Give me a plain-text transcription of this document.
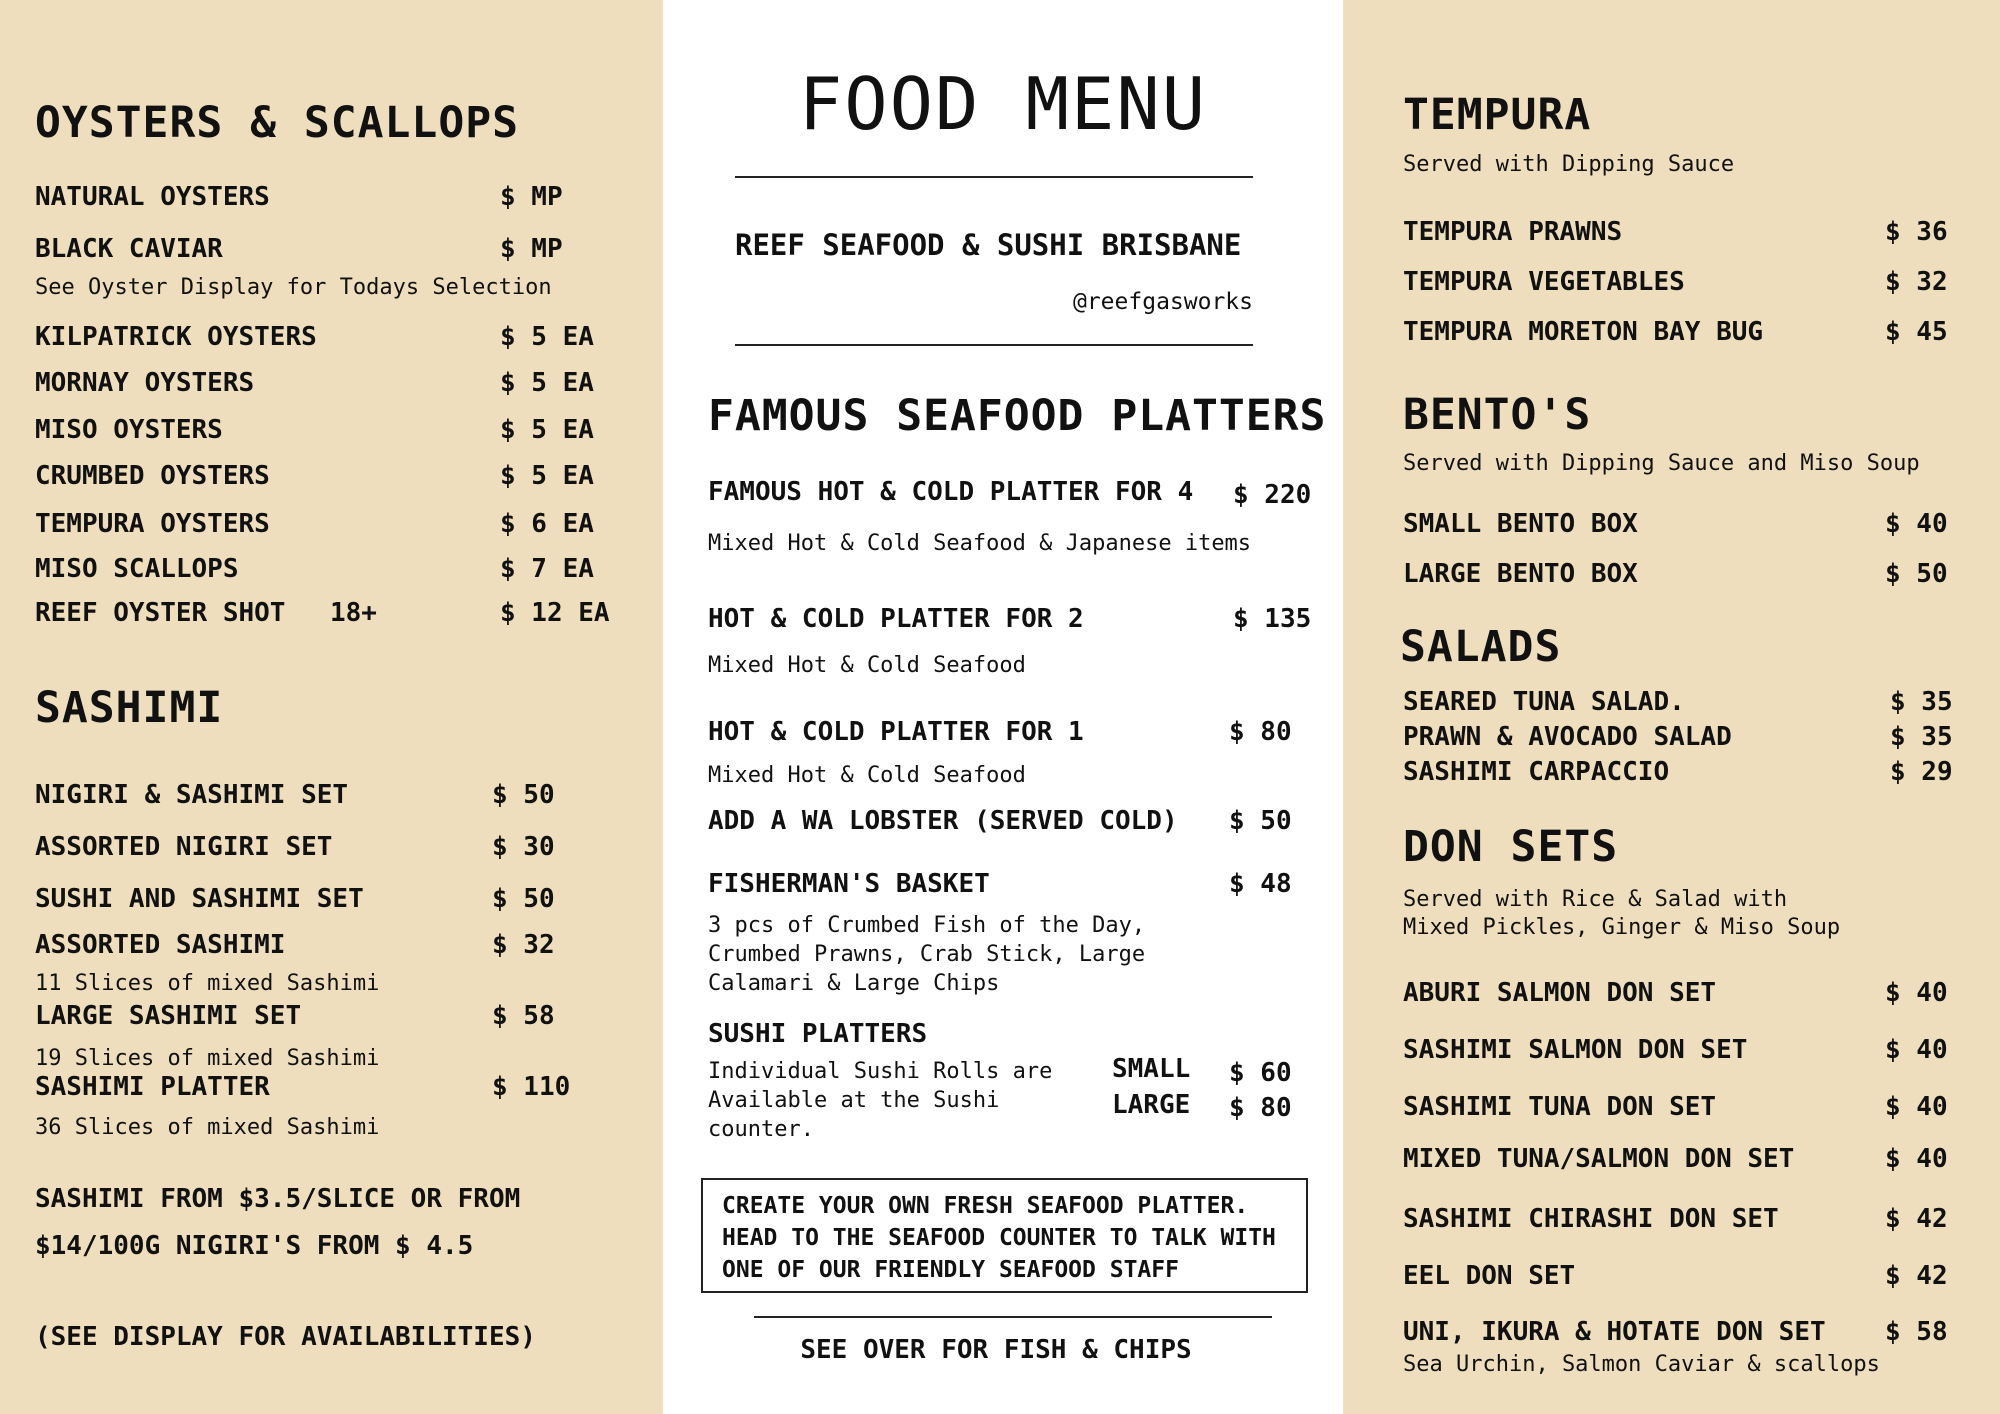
OYSTERS & SCALLOPS
NATURAL OYSTERS	$ MP
BLACK CAVIAR	$ MP
See Oyster Display for Todays Selection
KILPATRICK OYSTERS	$ 5 EA
MORNAY OYSTERS	$ 5 EA
MISO OYSTERS	$ 5 EA
CRUMBED OYSTERS	$ 5 EA
TEMPURA OYSTERS	$ 6 EA
MISO SCALLOPS	$ 7 EA
REEF OYSTER SHOT 18+	$ 12 EA
SASHIMI
NIGIRI & SASHIMI SET	$ 50
ASSORTED NIGIRI SET	$ 30
SUSHI AND SASHIMI SET	$ 50
ASSORTED SASHIMI	$ 32
11 Slices of mixed Sashimi
LARGE SASHIMI SET	$ 58
19 Slices of mixed Sashimi
SASHIMI PLATTER	$ 110
36 Slices of mixed Sashimi
SASHIMI FROM $3.5/SLICE OR FROM
$14/100G NIGIRI'S FROM $ 4.5
(SEE DISPLAY FOR AVAILABILITIES)
FOOD MENU
REEF SEAFOOD & SUSHI BRISBANE
@reefgasworks
FAMOUS SEAFOOD PLATTERS
FAMOUS HOT & COLD PLATTER FOR 4 $ 220
Mixed Hot & Cold Seafood & Japanese items
HOT & COLD PLATTER FOR 2	$ 135
Mixed Hot & Cold Seafood
HOT & COLD PLATTER FOR 1	$ 80
Mixed Hot & Cold Seafood
ADD A WA LOBSTER (SERVED COLD) $ 50
FISHERMAN'S BASKET	$ 48
3 pcs of Crumbed Fish of the Day,
Crumbed Prawns, Crab Stick, Large
Calamari & Large Chips
SUSHI PLATTERS
Individual Sushi Rolls are
Available at the Sushi
counter.
SMALL $ 60
LARGE $ 80
CREATE YOUR OWN FRESH SEAFOOD PLATTER.
HEAD TO THE SEAFOOD COUNTER TO TALK WITH
ONE OF OUR FRIENDLY SEAFOOD STAFF
SEE OVER FOR FISH & CHIPS
TEMPURA
Served with Dipping Sauce
TEMPURA PRAWNS	$ 36
TEMPURA VEGETABLES	$ 32
TEMPURA MORETON BAY BUG	$ 45
BENTO'S
Served with Dipping Sauce and Miso Soup
SMALL BENTO BOX	$ 40
LARGE BENTO BOX	$ 50
SALADS
SEARED TUNA SALAD.	$ 35
PRAWN & AVOCADO SALAD	$ 35
SASHIMI CARPACCIO	$ 29
DON SETS
Served with Rice & Salad with
Mixed Pickles, Ginger & Miso Soup
ABURI SALMON DON SET	$ 40
SASHIMI SALMON DON SET	$ 40
SASHIMI TUNA DON SET	$ 40
MIXED TUNA/SALMON DON SET	$ 40
SASHIMI CHIRASHI DON SET	$ 42
EEL DON SET	$ 42
UNI, IKURA & HOTATE DON SET $ 58
Sea Urchin, Salmon Caviar & scallops
